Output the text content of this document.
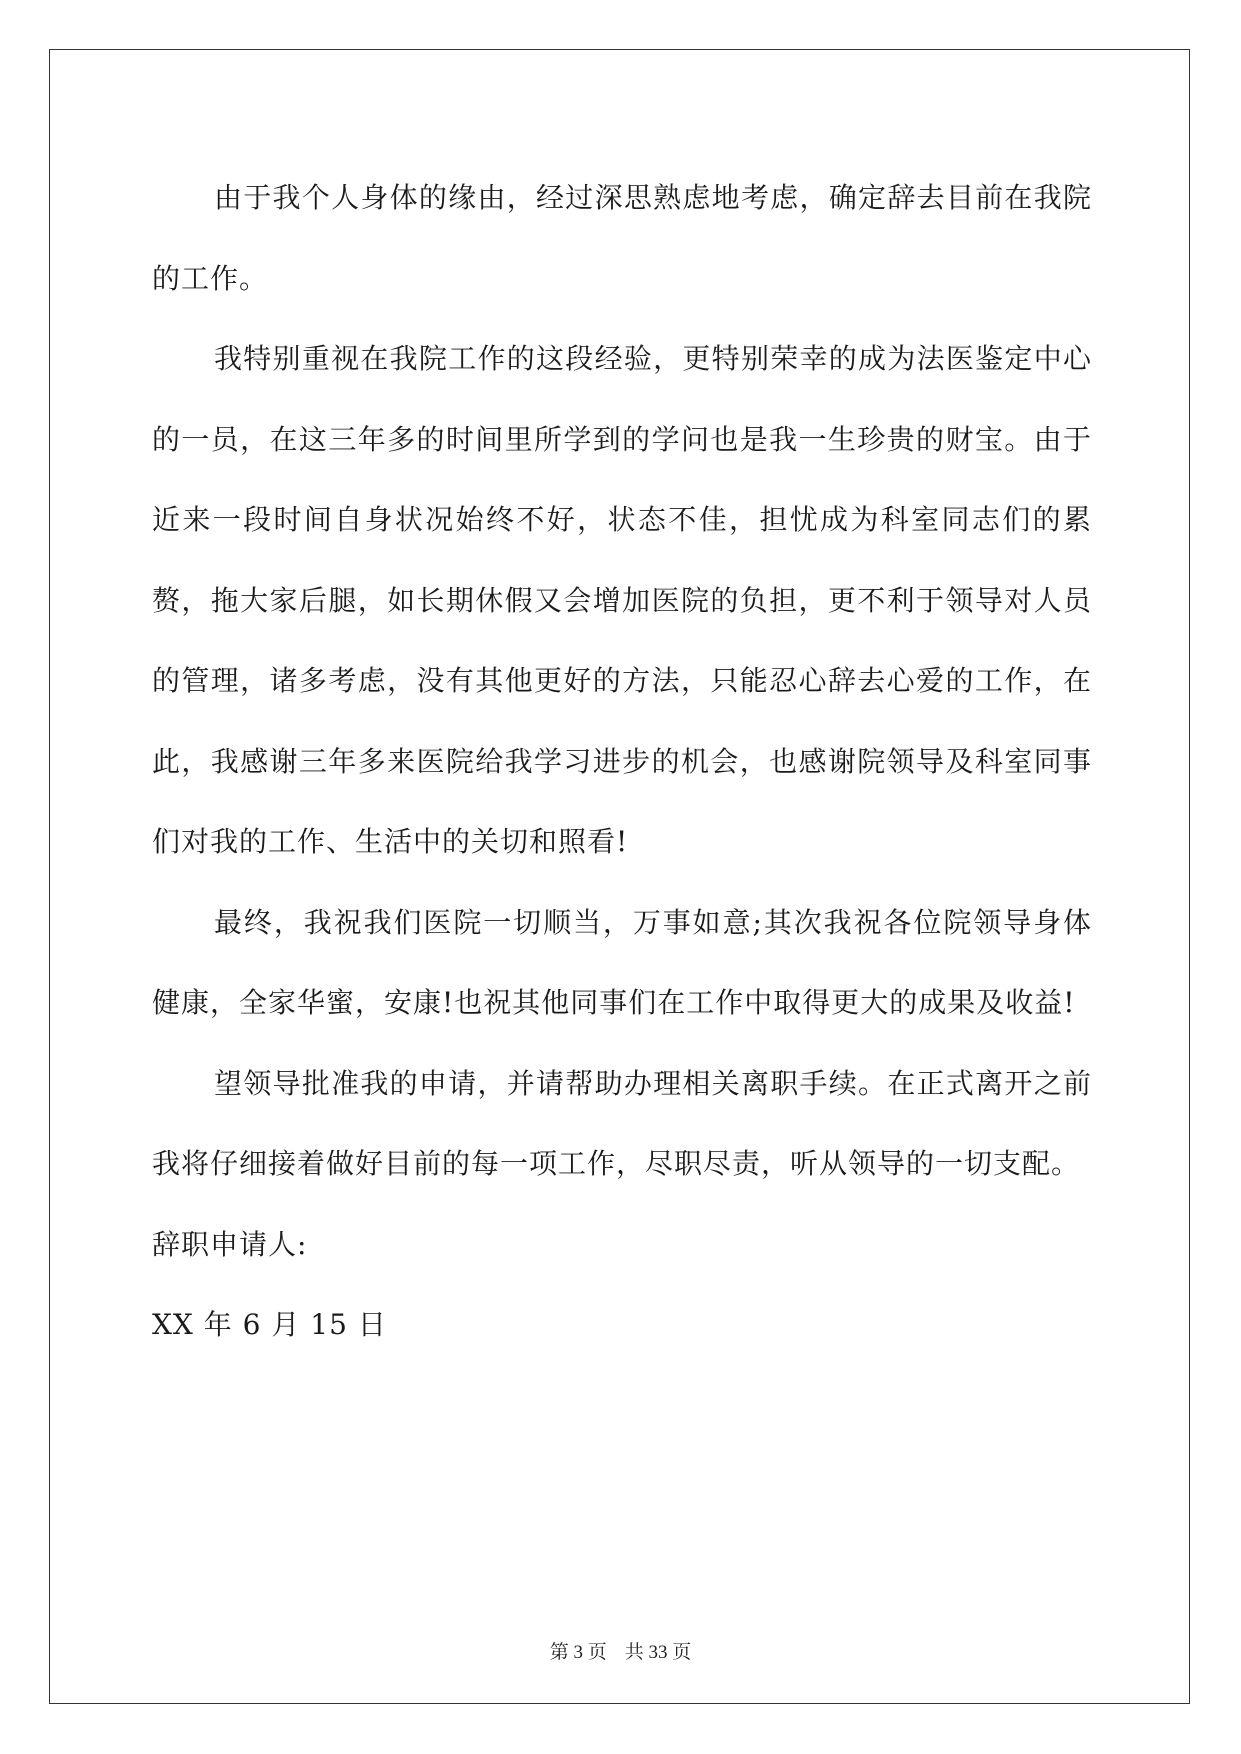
由于我个人身体的缘由，经过深思熟虑地考虑，确定辞去目前在我院的工作。

我特别重视在我院工作的这段经验，更特别荣幸的成为法医鉴定中心的一员，在这三年多的时间里所学到的学问也是我一生珍贵的财宝。由于近来一段时间自身状况始终不好，状态不佳，担忧成为科室同志们的累赘，拖大家后腿，如长期休假又会增加医院的负担，更不利于领导对人员的管理，诸多考虑，没有其他更好的方法，只能忍心辞去心爱的工作，在此，我感谢三年多来医院给我学习进步的机会，也感谢院领导及科室同事们对我的工作、生活中的关切和照看!

最终，我祝我们医院一切顺当，万事如意;其次我祝各位院领导身体健康，全家华蜜，安康!也祝其他同事们在工作中取得更大的成果及收益!

望领导批准我的申请，并请帮助办理相关离职手续。在正式离开之前我将仔细接着做好目前的每一项工作，尽职尽责，听从领导的一切支配。

辞职申请人:

XX 年 6 月 15 日

第 3 页 共 33 页
